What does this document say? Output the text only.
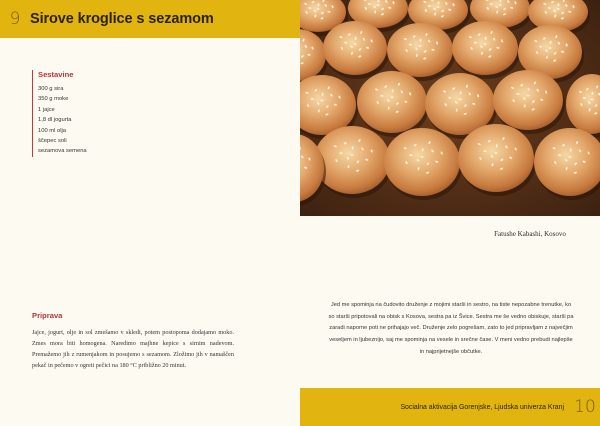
9 Sirove kroglice s sezamom
Sestavine
300 g sira
350 g moke
1 jajce
1,8 dl jogurta
100 ml olja
ščepec soli
sezamova semena
Priprava

Jajce, jogurt, olje in sol zmešamo v skledi, potem postopoma dodajamo moko. Zmes mora biti homogena. Naredimo majhne kepice s sirnim nadevom. Premažemo jih z rumenjakom in posujemo s sezamom. Zložimo jih v namaščen pekač in pečemo v ogreti pečici na 180 °C približno 20 minut.

Fatushe Kabashi, Kosovo

Jed me spominja na čudovito druženje z mojimi starši in sestro, na tiste nepozabne trenutke, ko so starši pripotovali na obisk s Kosova, sestra pa iz Švice. Sestra me še vedno obiskuje, starši pa zaradi naporne poti ne prihajajo več. Druženje zelo pogrešam, zato to jed pripravljam z največjim veseljem in ljubeznijo, saj me spominja na vesele in srečne čase. V meni vedno prebudi najlepše in najprijetnejše občutke.

Socialna aktivacija Gorenjske, Ljudska univerza Kranj 10
